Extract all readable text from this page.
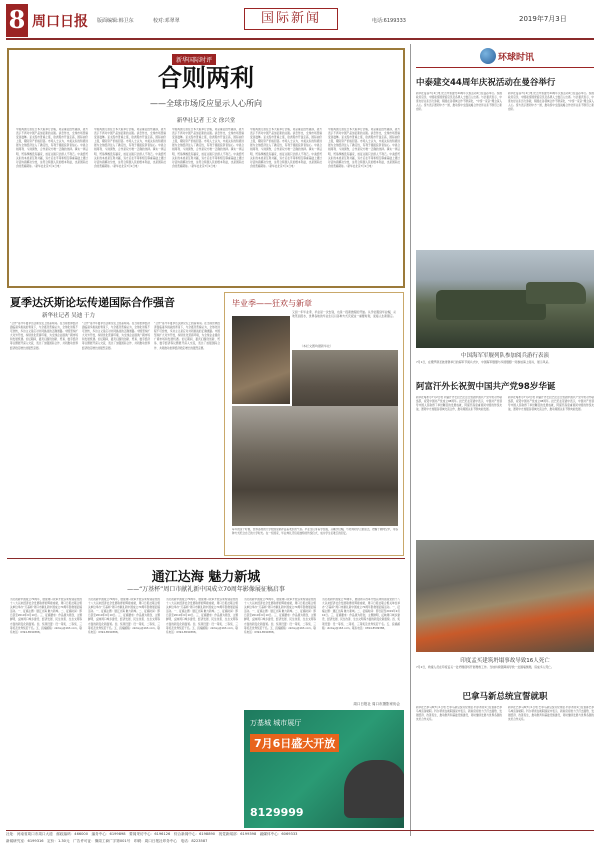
8 周口日报 版面编辑:韩卫东	校对:邓翠翠	国际新闻	电话:6199333	2019年7月3日
新华国际时评
合则两利
——全球市场反应显示人心所向
新华社记者 王文 徐兴堂
中美两国元首在日本大阪举行会晤，同意重启经贸磋商，美方表示不再对中国产品加征新的关税。消息传出，全球市场普遍受到鼓舞。亚太股市普遍上涨，欧洲股市开盘走高，国际油价上涨，避险资产价格回落。市场人士认为，中美关系的积极进展为全球经济注入了确定性，有利于提振投资者信心。中美合则两利、斗则俱伤，合作是双方唯一正确的选择。事实一再证明，贸易摩擦没有赢家，加征关税只会损人不利己。中美经贸关系的本质是互利共赢，双方应在平等和相互尊重基础上通过对话协商解决分歧，这符合两国人民的根本利益，也是国际社会的普遍期待。（新华社北京7月1日电）
中美两国元首在日本大阪举行会晤，同意重启经贸磋商，美方表示不再对中国产品加征新的关税。消息传出，全球市场普遍受到鼓舞。亚太股市普遍上涨，欧洲股市开盘走高，国际油价上涨，避险资产价格回落。市场人士认为，中美关系的积极进展为全球经济注入了确定性，有利于提振投资者信心。中美合则两利、斗则俱伤，合作是双方唯一正确的选择。事实一再证明，贸易摩擦没有赢家，加征关税只会损人不利己。中美经贸关系的本质是互利共赢，双方应在平等和相互尊重基础上通过对话协商解决分歧，这符合两国人民的根本利益，也是国际社会的普遍期待。（新华社北京7月1日电）
中美两国元首在日本大阪举行会晤，同意重启经贸磋商，美方表示不再对中国产品加征新的关税。消息传出，全球市场普遍受到鼓舞。亚太股市普遍上涨，欧洲股市开盘走高，国际油价上涨，避险资产价格回落。市场人士认为，中美关系的积极进展为全球经济注入了确定性，有利于提振投资者信心。中美合则两利、斗则俱伤，合作是双方唯一正确的选择。事实一再证明，贸易摩擦没有赢家，加征关税只会损人不利己。中美经贸关系的本质是互利共赢，双方应在平等和相互尊重基础上通过对话协商解决分歧，这符合两国人民的根本利益，也是国际社会的普遍期待。（新华社北京7月1日电）
中美两国元首在日本大阪举行会晤，同意重启经贸磋商，美方表示不再对中国产品加征新的关税。消息传出，全球市场普遍受到鼓舞。亚太股市普遍上涨，欧洲股市开盘走高，国际油价上涨，避险资产价格回落。市场人士认为，中美关系的积极进展为全球经济注入了确定性，有利于提振投资者信心。中美合则两利、斗则俱伤，合作是双方唯一正确的选择。事实一再证明，贸易摩擦没有赢家，加征关税只会损人不利己。中美经贸关系的本质是互利共赢，双方应在平等和相互尊重基础上通过对话协商解决分歧，这符合两国人民的根本利益，也是国际社会的普遍期待。（新华社北京7月1日电）
中美两国元首在日本大阪举行会晤，同意重启经贸磋商，美方表示不再对中国产品加征新的关税。消息传出，全球市场普遍受到鼓舞。亚太股市普遍上涨，欧洲股市开盘走高，国际油价上涨，避险资产价格回落。市场人士认为，中美关系的积极进展为全球经济注入了确定性，有利于提振投资者信心。中美合则两利、斗则俱伤，合作是双方唯一正确的选择。事实一再证明，贸易摩擦没有赢家，加征关税只会损人不利己。中美经贸关系的本质是互利共赢，双方应在平等和相互尊重基础上通过对话协商解决分歧，这符合两国人民的根本利益，也是国际社会的普遍期待。（新华社北京7月1日电）
夏季达沃斯论坛传递国际合作强音
新华社记者 吴迪 于力
“合作”是今年夏季达沃斯论坛上的高频词。在当前世界经济面临诸多挑战的背景下，与会嘉宾普遍认为，全球化进程不可逆转，多边主义是应对共同挑战的正确道路。中国坚持扩大对外开放，持续优化营商环境，为全球企业提供广阔市场和发展机遇。论坛期间，嘉宾们围绕创新、贸易、数字经济等议题展开深入交流，表达了加强国际合作、共同推动世界经济稳定增长的强烈意愿。
“合作”是今年夏季达沃斯论坛上的高频词。在当前世界经济面临诸多挑战的背景下，与会嘉宾普遍认为，全球化进程不可逆转，多边主义是应对共同挑战的正确道路。中国坚持扩大对外开放，持续优化营商环境，为全球企业提供广阔市场和发展机遇。论坛期间，嘉宾们围绕创新、贸易、数字经济等议题展开深入交流，表达了加强国际合作、共同推动世界经济稳定增长的强烈意愿。
“合作”是今年夏季达沃斯论坛上的高频词。在当前世界经济面临诸多挑战的背景下，与会嘉宾普遍认为，全球化进程不可逆转，多边主义是应对共同挑战的正确道路。中国坚持扩大对外开放，持续优化营商环境，为全球企业提供广阔市场和发展机遇。论坛期间，嘉宾们围绕创新、贸易、数字经济等议题展开深入交流，表达了加强国际合作、共同推动世界经济稳定增长的强烈意愿。
毕业季——狂欢与新章
又到一年毕业季，毕业是一次告别，也是一段新旅程的开始。从学位服到毕业帽，从欢笑到泪水，世界各地的毕业生们以各种方式庆祝这一重要时刻，迎接人生新篇章。
（本栏文图均据新华社）
每年的这个时候，世界各地的大学校园里都洋溢着欢乐的气氛。毕业生们身着学位服，头戴学位帽，与老师同学合影留念，把帽子抛向空中，用各种方式纪念自己的大学时光。在一些国家，毕业典礼还包括独特的传统仪式，成为学生们难忘的回忆。
通江达海 魅力新城
——“万基杯”周口市献礼新中国成立70周年影像展征稿启事
为庆祝新中国成立70周年，展现周口改革开放以来特别是党的十八大以来经济社会发展取得的辉煌成就，周口日报社联合相关单位举办“万基杯”周口市献礼新中国成立70周年影像展征稿活动。一、征稿主题：通江达海 魅力新城。二、征稿时间：即日起至2019年9月10日。三、征稿要求：作品须为原创，主题鲜明，反映周口城乡建设、经济发展、民生改善、生态文明等方面的新变化新面貌。四、奖项设置：设一等奖、二等奖、三等奖及优秀奖若干名。五、投稿邮箱：zkrbsy@163.com。联系电话：0394-8599388。
为庆祝新中国成立70周年，展现周口改革开放以来特别是党的十八大以来经济社会发展取得的辉煌成就，周口日报社联合相关单位举办“万基杯”周口市献礼新中国成立70周年影像展征稿活动。一、征稿主题：通江达海 魅力新城。二、征稿时间：即日起至2019年9月10日。三、征稿要求：作品须为原创，主题鲜明，反映周口城乡建设、经济发展、民生改善、生态文明等方面的新变化新面貌。四、奖项设置：设一等奖、二等奖、三等奖及优秀奖若干名。五、投稿邮箱：zkrbsy@163.com。联系电话：0394-8599388。
为庆祝新中国成立70周年，展现周口改革开放以来特别是党的十八大以来经济社会发展取得的辉煌成就，周口日报社联合相关单位举办“万基杯”周口市献礼新中国成立70周年影像展征稿活动。一、征稿主题：通江达海 魅力新城。二、征稿时间：即日起至2019年9月10日。三、征稿要求：作品须为原创，主题鲜明，反映周口城乡建设、经济发展、民生改善、生态文明等方面的新变化新面貌。四、奖项设置：设一等奖、二等奖、三等奖及优秀奖若干名。五、投稿邮箱：zkrbsy@163.com。联系电话：0394-8599388。
为庆祝新中国成立70周年，展现周口改革开放以来特别是党的十八大以来经济社会发展取得的辉煌成就，周口日报社联合相关单位举办“万基杯”周口市献礼新中国成立70周年影像展征稿活动。一、征稿主题：通江达海 魅力新城。二、征稿时间：即日起至2019年9月10日。三、征稿要求：作品须为原创，主题鲜明，反映周口城乡建设、经济发展、民生改善、生态文明等方面的新变化新面貌。四、奖项设置：设一等奖、二等奖、三等奖及优秀奖若干名。五、投稿邮箱：zkrbsy@163.com。联系电话：0394-8599388。
为庆祝新中国成立70周年，展现周口改革开放以来特别是党的十八大以来经济社会发展取得的辉煌成就，周口日报社联合相关单位举办“万基杯”周口市献礼新中国成立70周年影像展征稿活动。一、征稿主题：通江达海 魅力新城。二、征稿时间：即日起至2019年9月10日。三、征稿要求：作品须为原创，主题鲜明，反映周口城乡建设、经济发展、民生改善、生态文明等方面的新变化新面貌。四、奖项设置：设一等奖、二等奖、三等奖及优秀奖若干名。五、投稿邮箱：zkrbsy@163.com。联系电话：0394-8599388。
周口日报社 周口市摄影家协会
万基城 城市展厅
7月6日盛大开放
8129999
环球时讯
中泰建交44周年庆祝活动在曼谷举行
新华社曼谷7月2日电 纪念中泰建交44周年庆祝活动2日在曼谷举行。泰国政府官员、中国驻泰国使馆官员及各界人士数百人出席。与会嘉宾表示，中泰友好关系历久弥新，两国在各领域合作不断深化，“中泰一家亲”理念深入人心。泰方表示愿同中方一道，推动泰中全面战略合作伙伴关系不断迈上新台阶。
新华社曼谷7月2日电 纪念中泰建交44周年庆祝活动2日在曼谷举行。泰国政府官员、中国驻泰国使馆官员及各界人士数百人出席。与会嘉宾表示，中泰友好关系历久弥新，两国在各领域合作不断深化，“中泰一家亲”理念深入人心。泰方表示愿同中方一道，推动泰中全面战略合作伙伴关系不断迈上新台阶。
中国海军军舰列队参加阅兵游行表演
7月1日，在俄罗斯圣彼得堡举行的海军节阅兵式中，中国海军舰艇与多国舰艇一同参加海上阅兵，展示风采。
阿富汗外长祝贺中国共产党98岁华诞
新华社喀布尔7月2日电 阿富汗外长拉巴尼近日致函中国共产党中央对外联络部，祝贺中国共产党成立98周年。拉巴尼在贺函中表示，中国共产党领导中国人民取得了举世瞩目的发展成就，阿富汗高度重视同中国的传统友谊，愿同中方加强各领域交流合作，推动两国关系不断向前发展。
新华社喀布尔7月2日电 阿富汗外长拉巴尼近日致函中国共产党中央对外联络部，祝贺中国共产党成立98周年。拉巴尼在贺函中表示，中国共产党领导中国人民取得了举世瞩目的发展成就，阿富汗高度重视同中国的传统友谊，愿同中方加强各领域交流合作，推动两国关系不断向前发展。
印度孟买建筑坍塌事故导致16人死亡
7月2日，救援人员在印度孟买一处坍塌现场开展搜救工作。当地持续强降雨导致一处围墙倒塌，造成多人死亡。
巴拿马新总统宣誓就职
新华社巴拿马城7月1日电 巴拿马新总统劳伦蒂诺·科尔蒂索1日在首都巴拿马城宣誓就职。科尔蒂索在就职演说中表示，新政府将致力于打击腐败、发展经济、改善民生，推动教育和基础设施建设，同时继续发展与世界各国的友好合作关系。
新华社巴拿马城7月1日电 巴拿马新总统劳伦蒂诺·科尔蒂索1日在首都巴拿马城宣誓就职。科尔蒂索在就职演说中表示，新政府将致力于打击腐败、发展经济、改善民生，推动教育和基础设施建设，同时继续发展与世界各国的友好合作关系。
社址：河南省周口市周口大道　邮政编码：466000　编务中心：6199898　要闻采访中心：6196126　综合新闻中心：6198890　视觉新闻部：6199398　融媒体中心：6069333
新闻研究室：6199316　定价：1.30元　广告许可证：豫周工商广字第001号　印刷：周口日报社印务中心　电话：8223587
